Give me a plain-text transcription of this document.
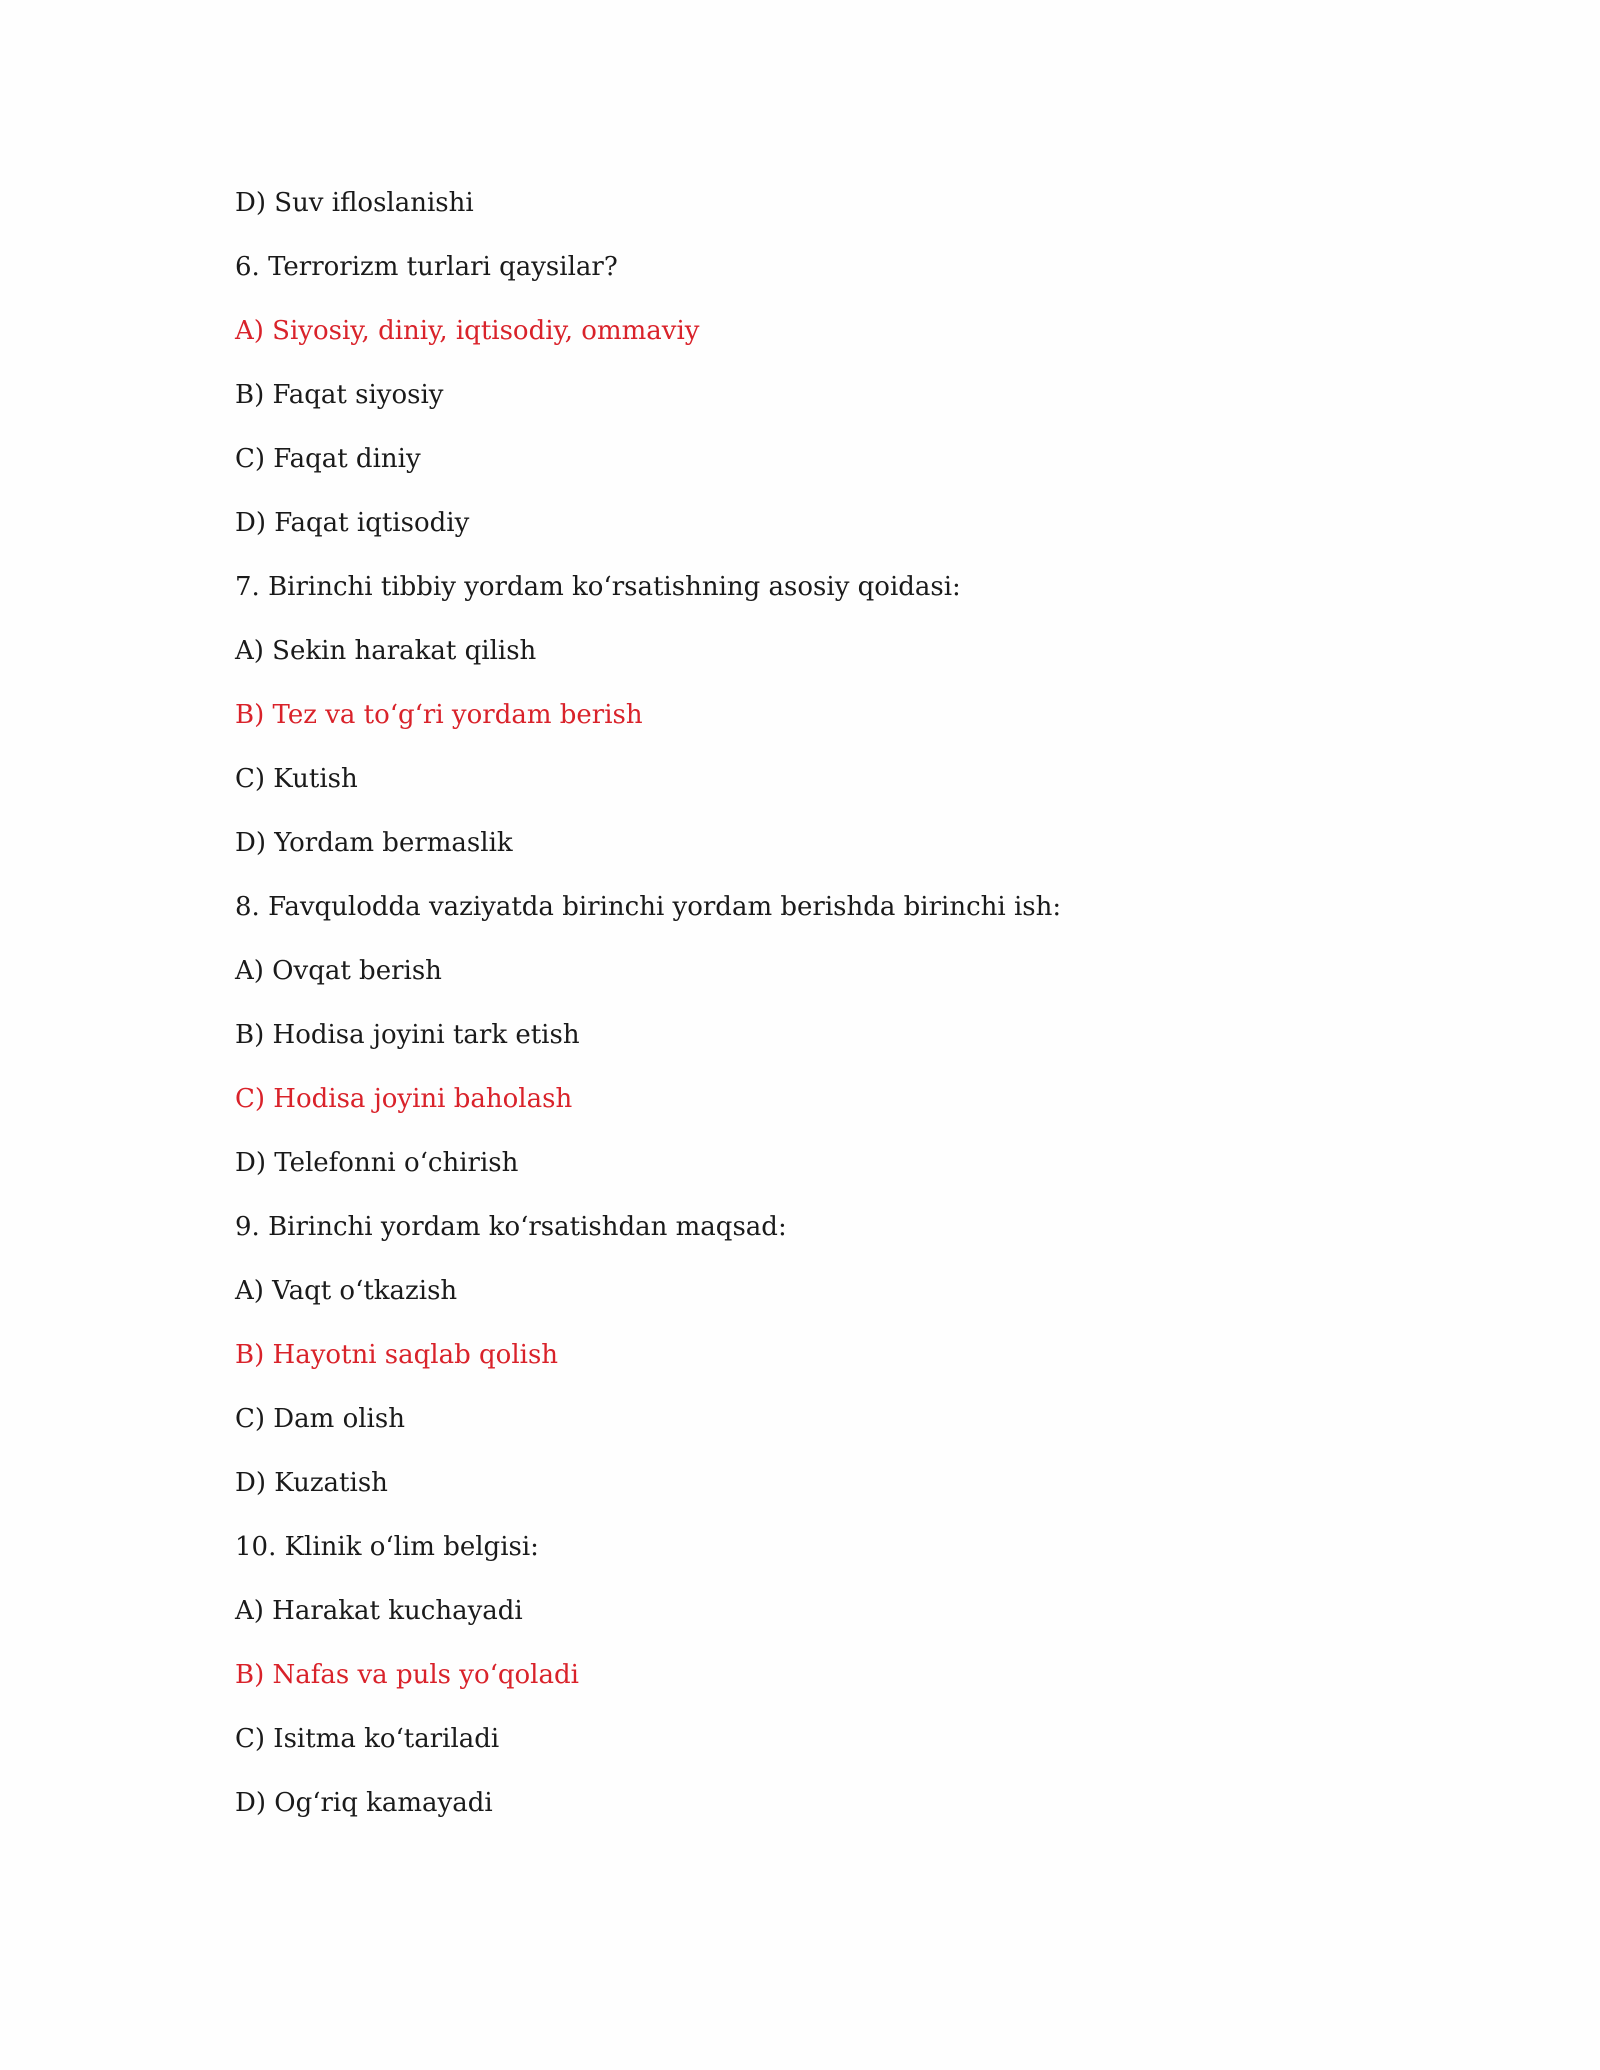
D) Suv ifloslanishi

6. Terrorizm turlari qaysilar?

A) Siyosiy, diniy, iqtisodiy, ommaviy

B) Faqat siyosiy

C) Faqat diniy

D) Faqat iqtisodiy

7. Birinchi tibbiy yordam koʻrsatishning asosiy qoidasi:

A) Sekin harakat qilish

B) Tez va toʻgʻri yordam berish

C) Kutish

D) Yordam bermaslik

8. Favqulodda vaziyatda birinchi yordam berishda birinchi ish:

A) Ovqat berish

B) Hodisa joyini tark etish

C) Hodisa joyini baholash

D) Telefonni oʻchirish

9. Birinchi yordam koʻrsatishdan maqsad:

A) Vaqt oʻtkazish

B) Hayotni saqlab qolish

C) Dam olish

D) Kuzatish

10. Klinik oʻlim belgisi:

A) Harakat kuchayadi

B) Nafas va puls yoʻqoladi

C) Isitma koʻtariladi

D) Ogʻriq kamayadi
